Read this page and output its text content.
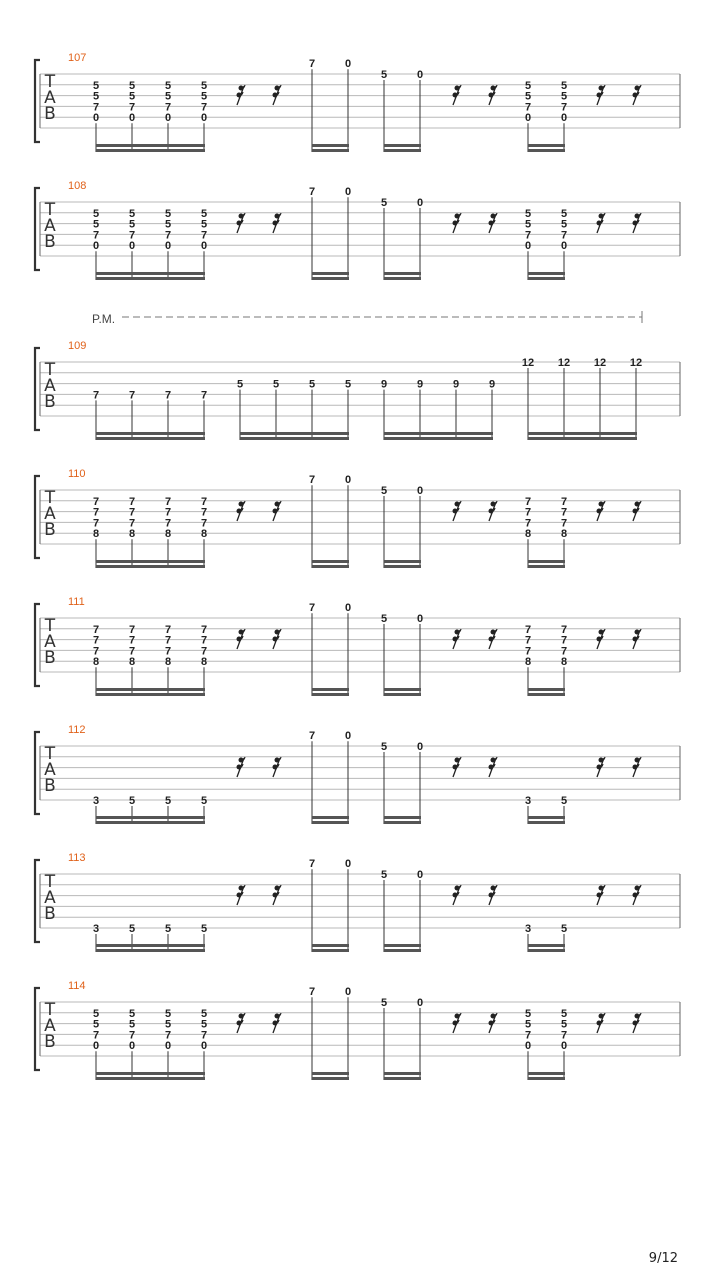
9/12
T
A
B
107
5
5
7
0
5
5
7
0
5
5
7
0
5
5
7
0
7	0
5	0
5
5
7
0
5
5
7
0
T
A
B
108
5
5
7
0
5
5
7
0
5
5
7
0
5
5
7
0
7	0
5	0
5
5
7
0
5
5
7
0
T
A
B
109
P.M.
7	7	7	7
5	5	5	5	9	9	9	9
12 12 12 12
T
A
B
110
7
7
7
8
7
7
7
8
7
7
7
8
7
7
7
8
7	0
5	0
7
7
7
8
7
7
7
8
T
A
B
111
7
7
7
8
7
7
7
8
7
7
7
8
7
7
7
8
7	0
5	0
7
7
7
8
7
7
7
8
T
A
B
112
3	5	5	5
7	0
5	0
3	5
T
A
B
113
3	5	5	5
7	0
5	0
3	5
T
A
B
114
5
5
7
0
5
5
7
0
5
5
7
0
5
5
7
0
7	0
5	0
5
5
7
0
5
5
7
0
